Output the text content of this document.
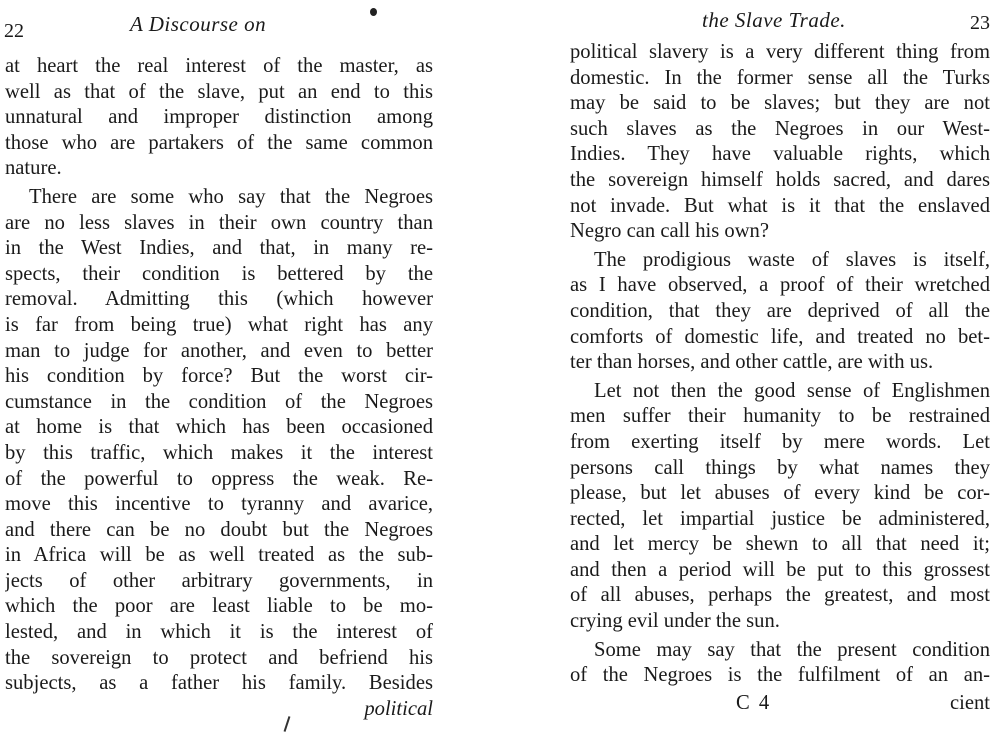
22	A Discourse on
at heart the real interest of the master, as
well as that of the slave, put an end to this
unnatural and improper distinction among
those who are partakers of the same common
nature.
There are some who say that the Negroes
are no less slaves in their own country than
in the West Indies, and that, in many re-
spects, their condition is bettered by the
removal. Admitting this (which however
is far from being true) what right has any
man to judge for another, and even to better
his condition by force? But the worst cir-
cumstance in the condition of the Negroes
at home is that which has been occasioned
by this traffic, which makes it the interest
of the powerful to oppress the weak. Re-
move this incentive to tyranny and avarice,
and there can be no doubt but the Negroes
in Africa will be as well treated as the sub-
jects of other arbitrary governments, in
which the poor are least liable to be mo-
lested, and in which it is the interest of
the sovereign to protect and befriend his
subjects, as a father his family. Besides
political
the Slave Trade.	23
political slavery is a very different thing from
domestic. In the former sense all the Turks
may be said to be slaves; but they are not
such slaves as the Negroes in our West-
Indies. They have valuable rights, which
the sovereign himself holds sacred, and dares
not invade. But what is it that the enslaved
Negro can call his own?
The prodigious waste of slaves is itself,
as I have observed, a proof of their wretched
condition, that they are deprived of all the
comforts of domestic life, and treated no bet-
ter than horses, and other cattle, are with us.
Let not then the good sense of Englishmen
men suffer their humanity to be restrained
from exerting itself by mere words. Let
persons call things by what names they
please, but let abuses of every kind be cor-
rected, let impartial justice be administered,
and let mercy be shewn to all that need it;
and then a period will be put to this grossest
of all abuses, perhaps the greatest, and most
crying evil under the sun.
Some may say that the present condition
of the Negroes is the fulfilment of an an-
C 4	cient
